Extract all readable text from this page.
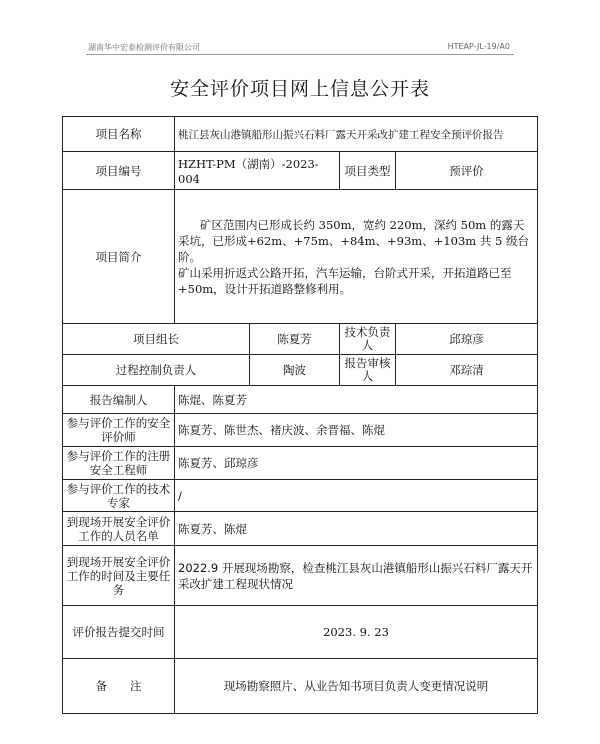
湖南华中宏泰检测评价有限公司	HTEAP-JL-19/A0
安全评价项目网上信息公开表
项目名称	桃江县灰山港镇船形山振兴石料厂露天开采改扩建工程安全预评价报告			
项目编号	HZHT-PM（湖南）-2023-004		项目类型	预评价
项目简介	矿区范围内已形成长约 350m，宽约 220m，深约 50m 的露天采坑，已形成+62m、+75m、+84m、+93m、+103m 共 5 级台阶。

矿山采用折返式公路开拓，汽车运输，台阶式开采，开拓道路已至+50m，设计开拓道路整修利用。			

项目组长		陈夏芳	技术负责人	邱琼彦
过程控制负责人		陶波	报告审核人	邓琮清
报告编制人	陈焜、陈夏芳			
参与评价工作的安全评价师	陈夏芳、陈世杰、褚庆波、余晋福、陈焜			
参与评价工作的注册安全工程师	陈夏芳、邱琼彦			
参与评价工作的技术专家	/			
到现场开展安全评价工作的人员名单	陈夏芳、陈焜			
到现场开展安全评价工作的时间及主要任务	2022.9 开展现场勘察，检查桃江县灰山港镇船形山振兴石料厂露天开采改扩建工程现状情况			
评价报告提交时间	2023. 9. 23			
备　　注	现场勘察照片、从业告知书项目负责人变更情况说明			
